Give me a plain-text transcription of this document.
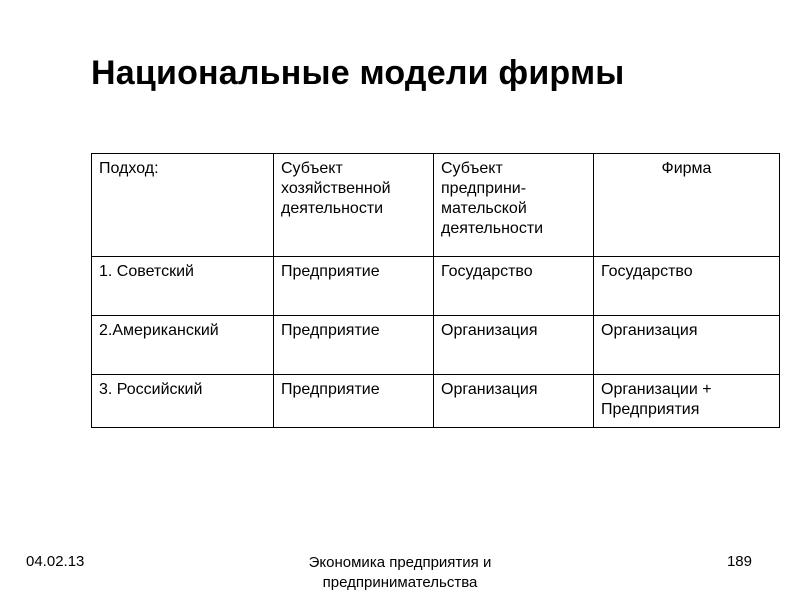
Национальные модели фирмы
Подход:	Субъект хозяйственной деятельности	Субъект предприни-мательской деятельности	Фирма
1. Советский	Предприятие	Государство	Государство
2.Американский	Предприятие	Организация	Организация
3. Российский	Предприятие	Организация	Организации + Предприятия
04.02.13	Экономика предприятия и
предпринимательства
189
